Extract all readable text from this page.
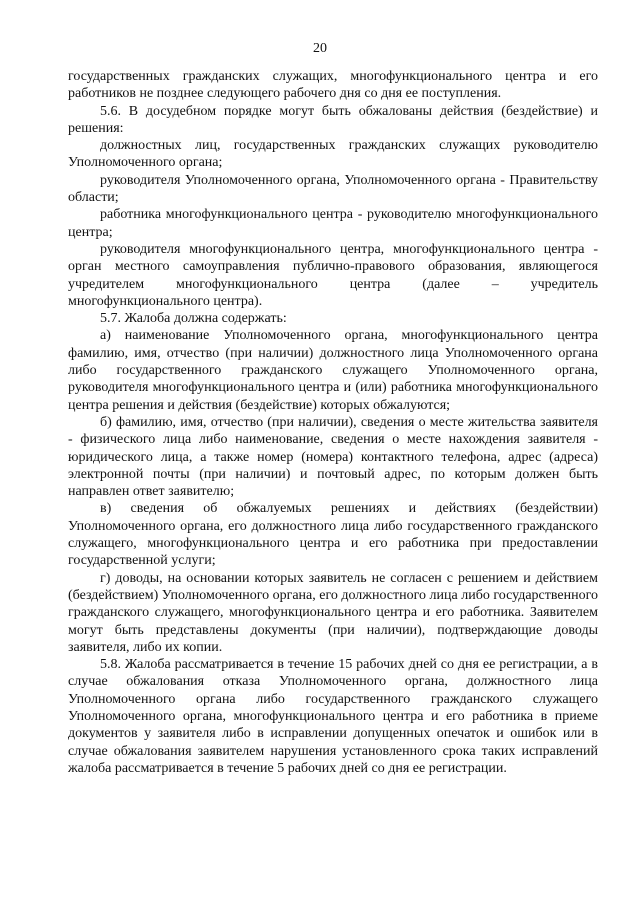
20

государственных гражданских служащих, многофункционального центра и его работников не позднее следующего рабочего дня со дня ее поступления.

5.6. В досудебном порядке могут быть обжалованы действия (бездействие) и решения:

должностных лиц, государственных гражданских служащих руководителю Уполномоченного органа;

руководителя Уполномоченного органа, Уполномоченного органа - Правительству области;

работника многофункционального центра - руководителю многофункционального центра;

руководителя многофункционального центра, многофункционального центра - орган местного самоуправления публично-правового образования, являющегося учредителем многофункционального центра (далее – учредитель многофункционального центра).

5.7. Жалоба должна содержать:

а) наименование Уполномоченного органа, многофункционального центра фамилию, имя, отчество (при наличии) должностного лица Уполномоченного органа либо государственного гражданского служащего Уполномоченного органа, руководителя многофункционального центра и (или) работника многофункционального центра решения и действия (бездействие) которых обжалуются;

б) фамилию, имя, отчество (при наличии), сведения о месте жительства заявителя - физического лица либо наименование, сведения о месте нахождения заявителя - юридического лица, а также номер (номера) контактного телефона, адрес (адреса) электронной почты (при наличии) и почтовый адрес, по которым должен быть направлен ответ заявителю;

в) сведения об обжалуемых решениях и действиях (бездействии) Уполномоченного органа, его должностного лица либо государственного гражданского служащего, многофункционального центра и его работника при предоставлении государственной услуги;

г) доводы, на основании которых заявитель не согласен с решением и действием (бездействием) Уполномоченного органа, его должностного лица либо государственного гражданского служащего, многофункционального центра и его работника. Заявителем могут быть представлены документы (при наличии), подтверждающие доводы заявителя, либо их копии.

5.8. Жалоба рассматривается в течение 15 рабочих дней со дня ее регистрации, а в случае обжалования отказа Уполномоченного органа, должностного лица Уполномоченного органа либо государственного гражданского служащего Уполномоченного органа, многофункционального центра и его работника в приеме документов у заявителя либо в исправлении допущенных опечаток и ошибок или в случае обжалования заявителем нарушения установленного срока таких исправлений жалоба рассматривается в течение 5 рабочих дней со дня ее регистрации.
